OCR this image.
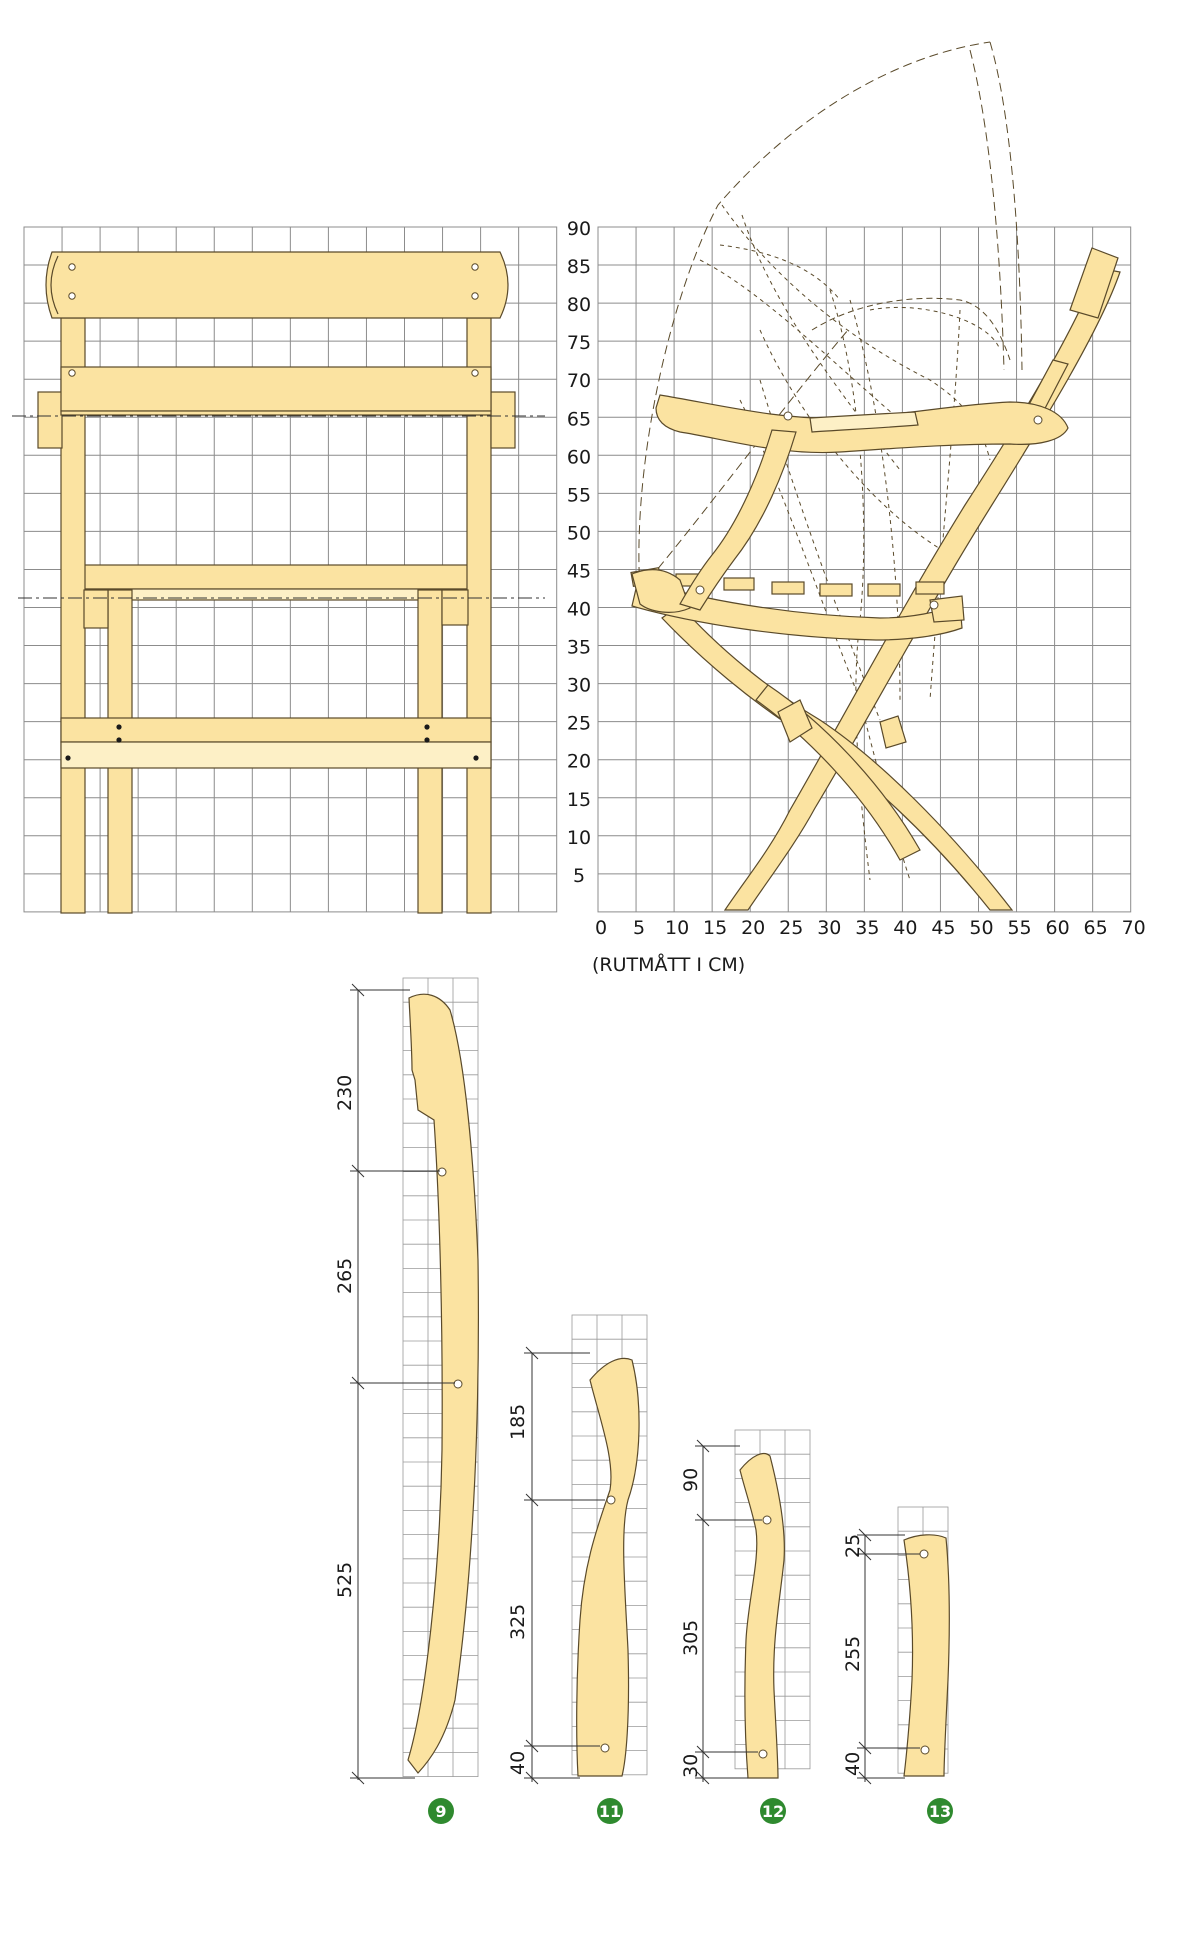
90
85
80
75
70
65
60
55
50
45
40
35
30
25
20
15
10
5
0 5 10 15 20 25 30 35 40 45 50 55 60 65 70
(RUTMÅTT I CM)
230
265
525
9
185
325
40
11
90
305
30
12
25
255
40
13
